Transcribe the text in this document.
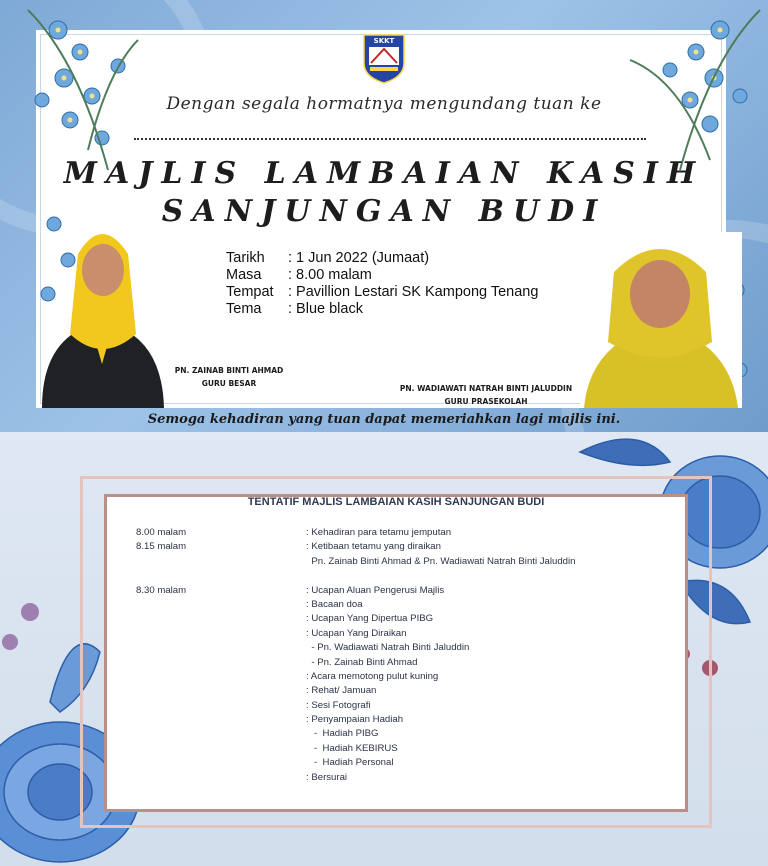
SKKT
Dengan segala hormatnya mengundang tuan ke
MAJLIS LAMBAIAN KASIH
SANJUNGAN BUDI
Tarikh	: 1 Jun 2022 (Jumaat)
Masa	: 8.00 malam
Tempat : Pavillion Lestari SK Kampong Tenang
Tema	: Blue black
PN. ZAINAB BINTI AHMAD
GURU BESAR
PN. WADIAWATI NATRAH BINTI JALUDDIN
GURU PRASEKOLAH
Semoga kehadiran yang tuan dapat memeriahkan lagi majlis ini.
TENTATIF MAJLIS LAMBAIAN KASIH SANJUNGAN BUDI
8.00 malam	: Kehadiran para tetamu jemputan
8.15 malam	: Ketibaan tetamu yang diraikan
Pn. Zainab Binti Ahmad & Pn. Wadiawati Natrah Binti Jaluddin
8.30 malam	: Ucapan Aluan Pengerusi Majlis
: Bacaan doa
: Ucapan Yang Dipertua PIBG
: Ucapan Yang Diraikan
- Pn. Wadiawati Natrah Binti Jaluddin
- Pn. Zainab Binti Ahmad
: Acara memotong pulut kuning
: Rehat/ Jamuan
: Sesi Fotografi
: Penyampaian Hadiah
-  Hadiah PIBG
-  Hadiah KEBIRUS
-  Hadiah Personal
: Bersurai
